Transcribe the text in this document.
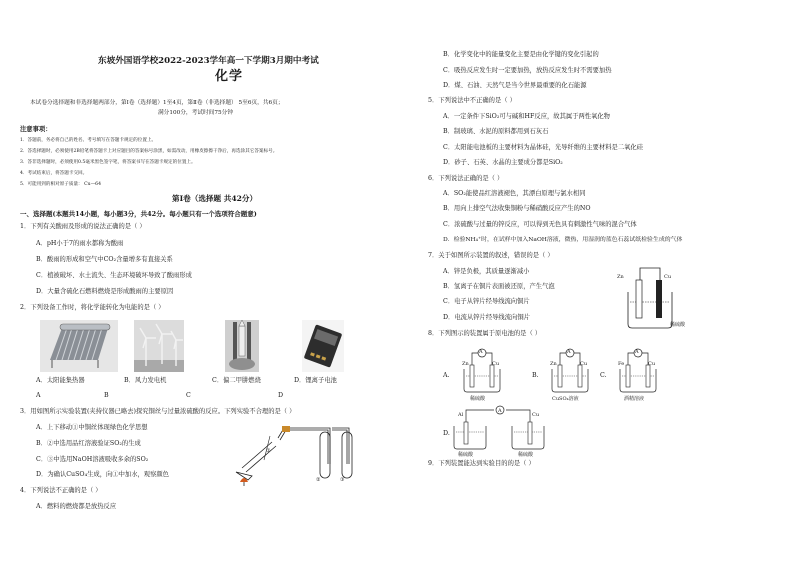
东坡外国语学校2022-2023学年高一下学期3月期中考试
化学
本试卷分选择题和非选择题两部分，第Ⅰ卷（选择题）1至4页，第Ⅱ卷（非选择题） 5至6页，共6页；
满分100分，考试时间75分钟
注意事项：
1．答题前，务必将自己的姓名、考号填写在答题卡规定的位置上。
2．答选择题时，必须使用2B铅笔将答题卡上对应题目的答案标号涂黑，如需改动，用橡皮擦擦干净后，再选涂其它答案标号。
3．答非选择题时，必须使用0.5毫米黑色签字笔，将答案书写在答题卡规定的位置上。
4．考试结束后，将答题卡交回。
5．可能用到的相对原子质量： Cu—64
第Ⅰ卷（选择题 共42分）
一、选择题(本题共14小题，每小题3分，共42分。每小题只有一个选项符合题意)
1．下列有关酸雨及形成的说法正确的是（ ）
A．pH小于7的雨水都称为酸雨
B．酸雨的形成和空气中CO₂含量增多有直接关系
C．植被破坏、水土流失、生态环境破坏导致了酸雨形成
D．大量含硫化石燃料燃烧是形成酸雨的主要原因
2．下列设备工作时，将化学能转化为电能的是（ ）
A．太阳能集热器	B．风力发电机	C．偏二甲肼燃烧	D．锂离子电池
A	B	C	D
3．用如图所示实验装置(夹持仪器已略去)探究铜丝与过量浓硫酸的反应。下列实验不合理的是（ ）
A．上下移动①中铜丝体现绿色化学思想
B．②中选用品红溶液验证SO₂的生成
C．③中选用NaOH溶液吸收多余的SO₂
D．为确认CuSO₄生成，向①中加水，观察颜色
①
②	③
4．下列说法不正确的是（ ）
A．燃料的燃烧都是放热反应
B．化学变化中的能量变化主要是由化学键的变化引起的
C．吸热反应发生时一定要加热，放热反应发生时不需要加热
D．煤、石油、天然气是当今世界最重要的化石能源
5．下列说法中不正确的是（ ）
A．一定条件下SiO₂可与碱和HF反应，故其属于两性氧化物
B．制玻璃、水泥的原料都用到石灰石
C．太阳能电池板的主要材料为晶体硅，光导纤维的主要材料是二氧化硅
D．砂子、石英、水晶的主要成分都是SiO₂
6．下列说法正确的是（ ）
A．SO₂能使品红溶液褪色，其漂白原理与氯水相同
B．用向上排空气法收集铜粉与稀硝酸反应产生的NO
C．浓硫酸与过量的锌反应，可以得到无色具有刺激性气味的混合气体
D．检验NH₄⁺时，在试样中加入NaOH溶液，微热，用湿润的蓝色石蕊试纸检验生成的气体
7．关于如图所示装置的叙述，错误的是（ ）
A．锌是负极，其质量逐渐减小
B．氢离子在铜片表面被还原，产生气泡
C．电子从锌片经导线流向铜片
D．电流从锌片经导线流向铜片
Zn	Cu
稀硫酸
8．下列图示的装置属于原电池的是（ ）
A.	B.	C.
D.
A
Zn	Cu
稀硫酸
A
Zn	Cu
CuSO₄溶液
A
Fe	Cu
酒精溶液
A
Al	Cu
稀硫酸	稀硫酸
9．下列装置能达到实验目的的是（ ）
